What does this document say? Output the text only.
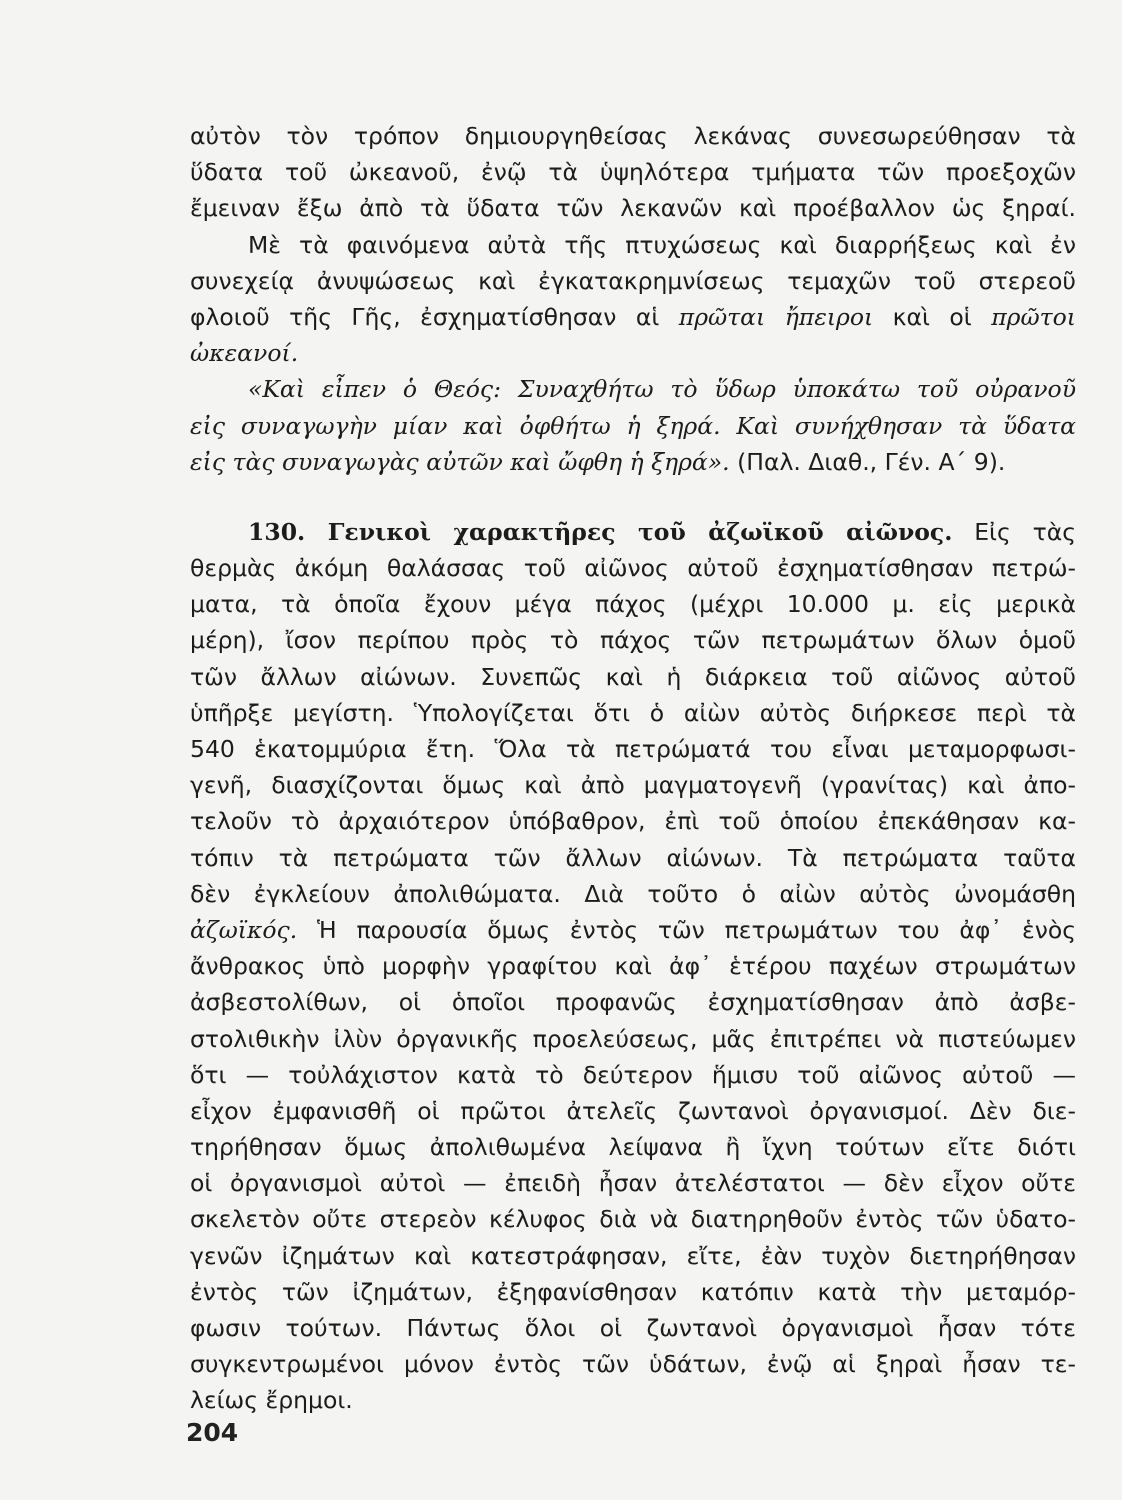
αὐτὸν τὸν τρόπον δημιουργηθείσας λεκάνας συνεσωρεύθησαν τὰ
ὕδατα τοῦ ὠκεανοῦ, ἐνῷ τὰ ὑψηλότερα τμήματα τῶν προεξοχῶν
ἔμειναν ἔξω ἀπὸ τὰ ὕδατα τῶν λεκανῶν καὶ προέβαλλον ὡς ξηραί.
Μὲ τὰ φαινόμενα αὐτὰ τῆς πτυχώσεως καὶ διαρρήξεως καὶ ἐν
συνεχείᾳ ἀνυψώσεως καὶ ἐγκατακρημνίσεως τεμαχῶν τοῦ στερεοῦ
φλοιοῦ τῆς Γῆς, ἐσχηματίσθησαν αἱ πρῶται ἤπειροι καὶ οἱ πρῶτοι
ὠκεανοί.
«Καὶ εἶπεν ὁ Θεός: Συναχθήτω τὸ ὕδωρ ὑποκάτω τοῦ οὐρανοῦ
εἰς συναγωγὴν μίαν καὶ ὀφθήτω ἡ ξηρά. Καὶ συνήχθησαν τὰ ὕδατα
εἰς τὰς συναγωγὰς αὐτῶν καὶ ὤφθη ἡ ξηρά». (Παλ. Διαθ., Γέν. Α΄ 9).
130. Γενικοὶ χαρακτῆρες τοῦ ἀζωϊκοῦ αἰῶνος. Εἰς τὰς
θερμὰς ἀκόμη θαλάσσας τοῦ αἰῶνος αὐτοῦ ἐσχηματίσθησαν πετρώ-
ματα, τὰ ὁποῖα ἔχουν μέγα πάχος (μέχρι 10.000 μ. εἰς μερικὰ
μέρη), ἴσον περίπου πρὸς τὸ πάχος τῶν πετρωμάτων ὅλων ὁμοῦ
τῶν ἄλλων αἰώνων. Συνεπῶς καὶ ἡ διάρκεια τοῦ αἰῶνος αὐτοῦ
ὑπῆρξε μεγίστη. Ὑπολογίζεται ὅτι ὁ αἰὼν αὐτὸς διήρκεσε περὶ τὰ
540 ἑκατομμύρια ἔτη. Ὅλα τὰ πετρώματά του εἶναι μεταμορφωσι-
γενῆ, διασχίζονται ὅμως καὶ ἀπὸ μαγματογενῆ (γρανίτας) καὶ ἀπο-
τελοῦν τὸ ἀρχαιότερον ὑπόβαθρον, ἐπὶ τοῦ ὁποίου ἐπεκάθησαν κα-
τόπιν τὰ πετρώματα τῶν ἄλλων αἰώνων. Τὰ πετρώματα ταῦτα
δὲν ἐγκλείουν ἀπολιθώματα. Διὰ τοῦτο ὁ αἰὼν αὐτὸς ὠνομάσθη
ἀζωϊκός. Ἡ παρουσία ὅμως ἐντὸς τῶν πετρωμάτων του ἀφ᾽ ἑνὸς
ἄνθρακος ὑπὸ μορφὴν γραφίτου καὶ ἀφ᾽ ἑτέρου παχέων στρωμάτων
ἀσβεστολίθων, οἱ ὁποῖοι προφανῶς ἐσχηματίσθησαν ἀπὸ ἀσβε-
στολιθικὴν ἰλὺν ὀργανικῆς προελεύσεως, μᾶς ἐπιτρέπει νὰ πιστεύωμεν
ὅτι — τοὐλάχιστον κατὰ τὸ δεύτερον ἥμισυ τοῦ αἰῶνος αὐτοῦ —
εἶχον ἐμφανισθῆ οἱ πρῶτοι ἀτελεῖς ζωντανοὶ ὀργανισμοί. Δὲν διε-
τηρήθησαν ὅμως ἀπολιθωμένα λείψανα ἢ ἴχνη τούτων εἴτε διότι
οἱ ὀργανισμοὶ αὐτοὶ — ἐπειδὴ ἦσαν ἀτελέστατοι — δὲν εἶχον οὔτε
σκελετὸν οὔτε στερεὸν κέλυφος διὰ νὰ διατηρηθοῦν ἐντὸς τῶν ὑδατο-
γενῶν ἰζημάτων καὶ κατεστράφησαν, εἴτε, ἐὰν τυχὸν διετηρήθησαν
ἐντὸς τῶν ἰζημάτων, ἐξηφανίσθησαν κατόπιν κατὰ τὴν μεταμόρ-
φωσιν τούτων. Πάντως ὅλοι οἱ ζωντανοὶ ὀργανισμοὶ ἦσαν τότε
συγκεντρωμένοι μόνον ἐντὸς τῶν ὑδάτων, ἐνῷ αἱ ξηραὶ ἦσαν τε-
λείως ἔρημοι.
204
